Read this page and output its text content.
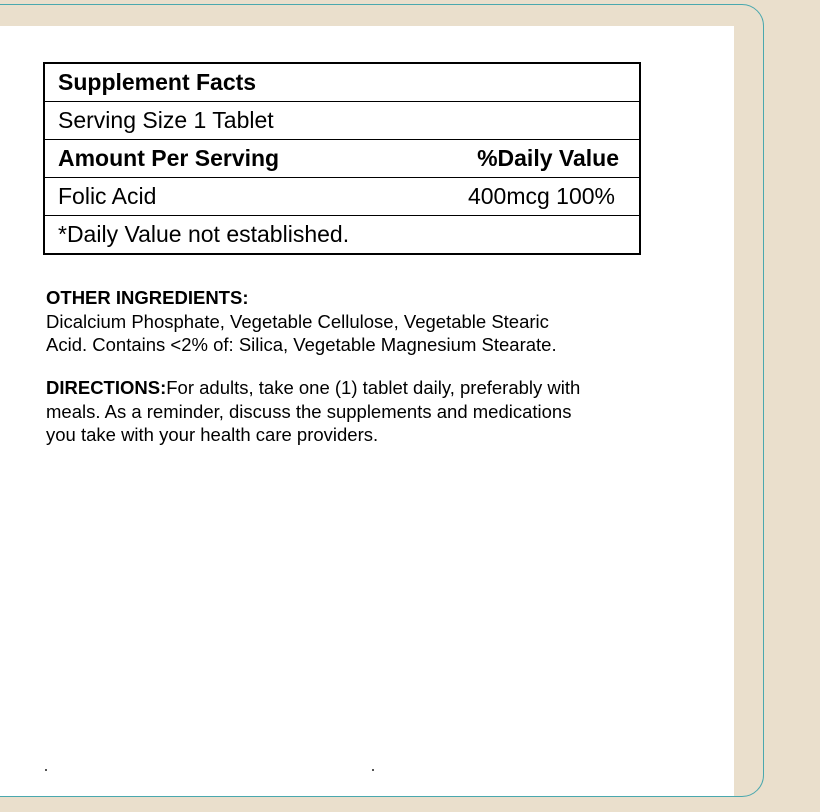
Supplement Facts
Serving Size 1 Tablet
Amount Per Serving	%Daily Value
Folic Acid	400mcg 100%
*Daily Value not established.
OTHER INGREDIENTS:
Dicalcium Phosphate, Vegetable Cellulose, Vegetable Stearic
Acid. Contains <2% of: Silica, Vegetable Magnesium Stearate.
DIRECTIONS:For adults, take one (1) tablet daily, preferably with
meals. As a reminder, discuss the supplements and medications
you take with your health care providers.
